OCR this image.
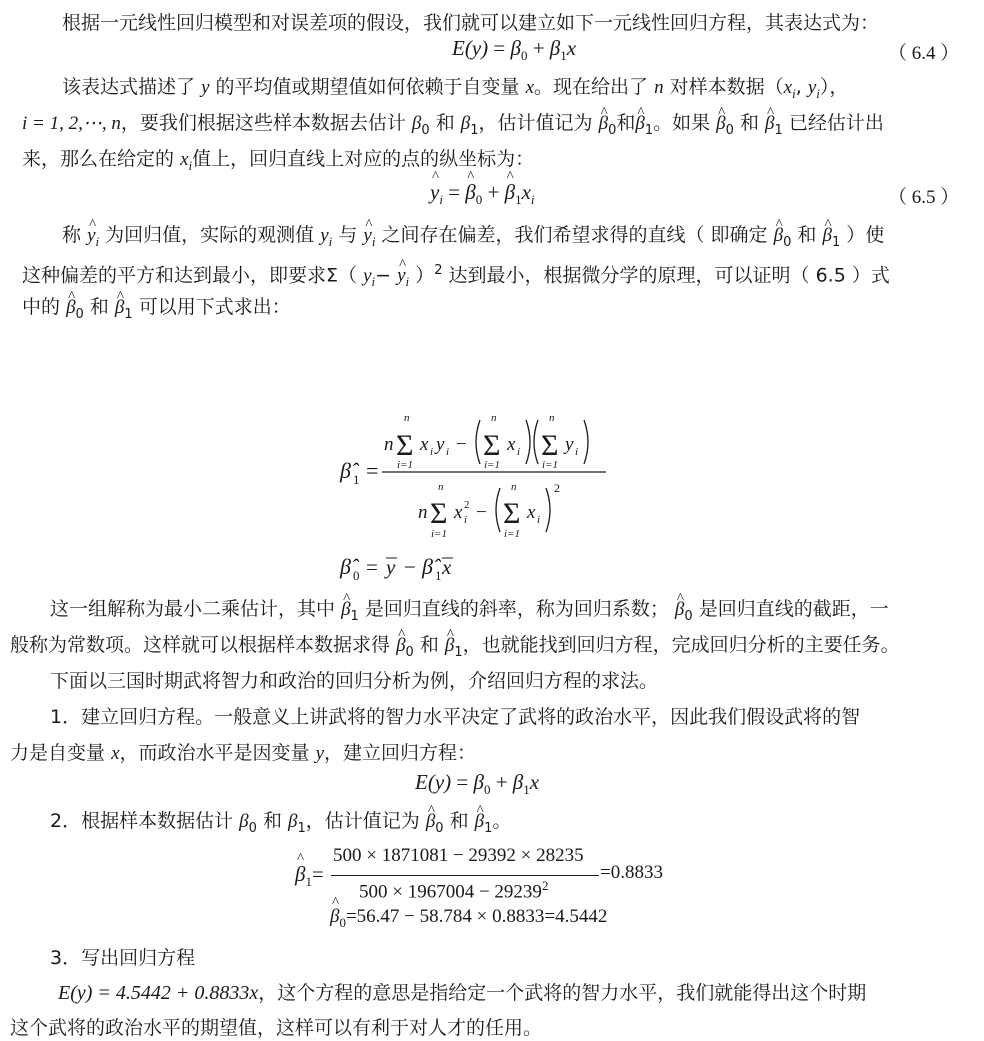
根据一元线性回归模型和对误差项的假设，我们就可以建立如下一元线性回归方程，其表达式为：
$E(y) = \beta_0 + \beta_1x$	（ 6.4 ）
该表达式描述了 y 的平均值或期望值如何依赖于自变量 x。现在给出了 n 对样本数据（$x_i$, $y_i$），
i = 1, 2,⋯, n，要我们根据这些样本数据去估计 $\beta_0$ 和 $\beta_1$，估计值记为 ^ $\beta_0$和^ $\beta_1$。如果 ^ $\beta_0$ 和 ^ $\beta_1$ 已经估计出
来，那么在给定的 $x_i$值上，回归直线上对应的点的纵坐标为：
^ $y_i$ = ^ $\beta_0$ + ^ $\beta_1x_i$	（ 6.5 ）
称 ^ $y_i$ 为回归值，实际的观测值 $y_i$ 与 ^ $y_i$ 之间存在偏差，我们希望求得的直线（ 即确定 ^ $\beta_0$ 和 ^ $\beta_1$ ）使
这种偏差的平方和达到最小，即要求Σ（ $y_i-$ ^ $y_i$ ）$^2$ 达到最小，根据微分学的原理，可以证明（ 6.5 ）式
中的 ^ $\beta_0$ 和 ^ $\beta_1$ 可以用下式求出：
β̂ 1 =
n Σ
n
i=1
x i y i − Σ
n
i=1
x i Σ
n
i=1
y i
n Σ
n
i=1
x 2
i − Σ
n
i=1
x i
2
β̂ 0 = y − β̂ 1 x
这一组解称为最小二乘估计，其中 ^ $\beta_1$ 是回归直线的斜率，称为回归系数； ^ $\beta_0$ 是回归直线的截距，一
般称为常数项。这样就可以根据样本数据求得 ^ $\beta_0$ 和 ^ $\beta_1$，也就能找到回归方程，完成回归分析的主要任务。
下面以三国时期武将智力和政治的回归分析为例，介绍回归方程的求法。
1．建立回归方程。一般意义上讲武将的智力水平决定了武将的政治水平，因此我们假设武将的智
力是自变量 x，而政治水平是因变量 y，建立回归方程：
$E(y) = \beta_0 + \beta_1x$
2．根据样本数据估计 $\beta_0$ 和 $\beta_1$，估计值记为 ^ $\beta_0$ 和 ^ $\beta_1$。
^ $\beta_1=$
500 × 1871081 − 29392 × 28235
$500 \times 1967004 - 29239^2$
=0.8833
^ $\beta_0=56.47 - 58.784 \times 0.8833=4.5442$
3．写出回归方程
E(y) = 4.5442 + 0.8833x，这个方程的意思是指给定一个武将的智力水平，我们就能得出这个时期
这个武将的政治水平的期望值，这样可以有利于对人才的任用。
